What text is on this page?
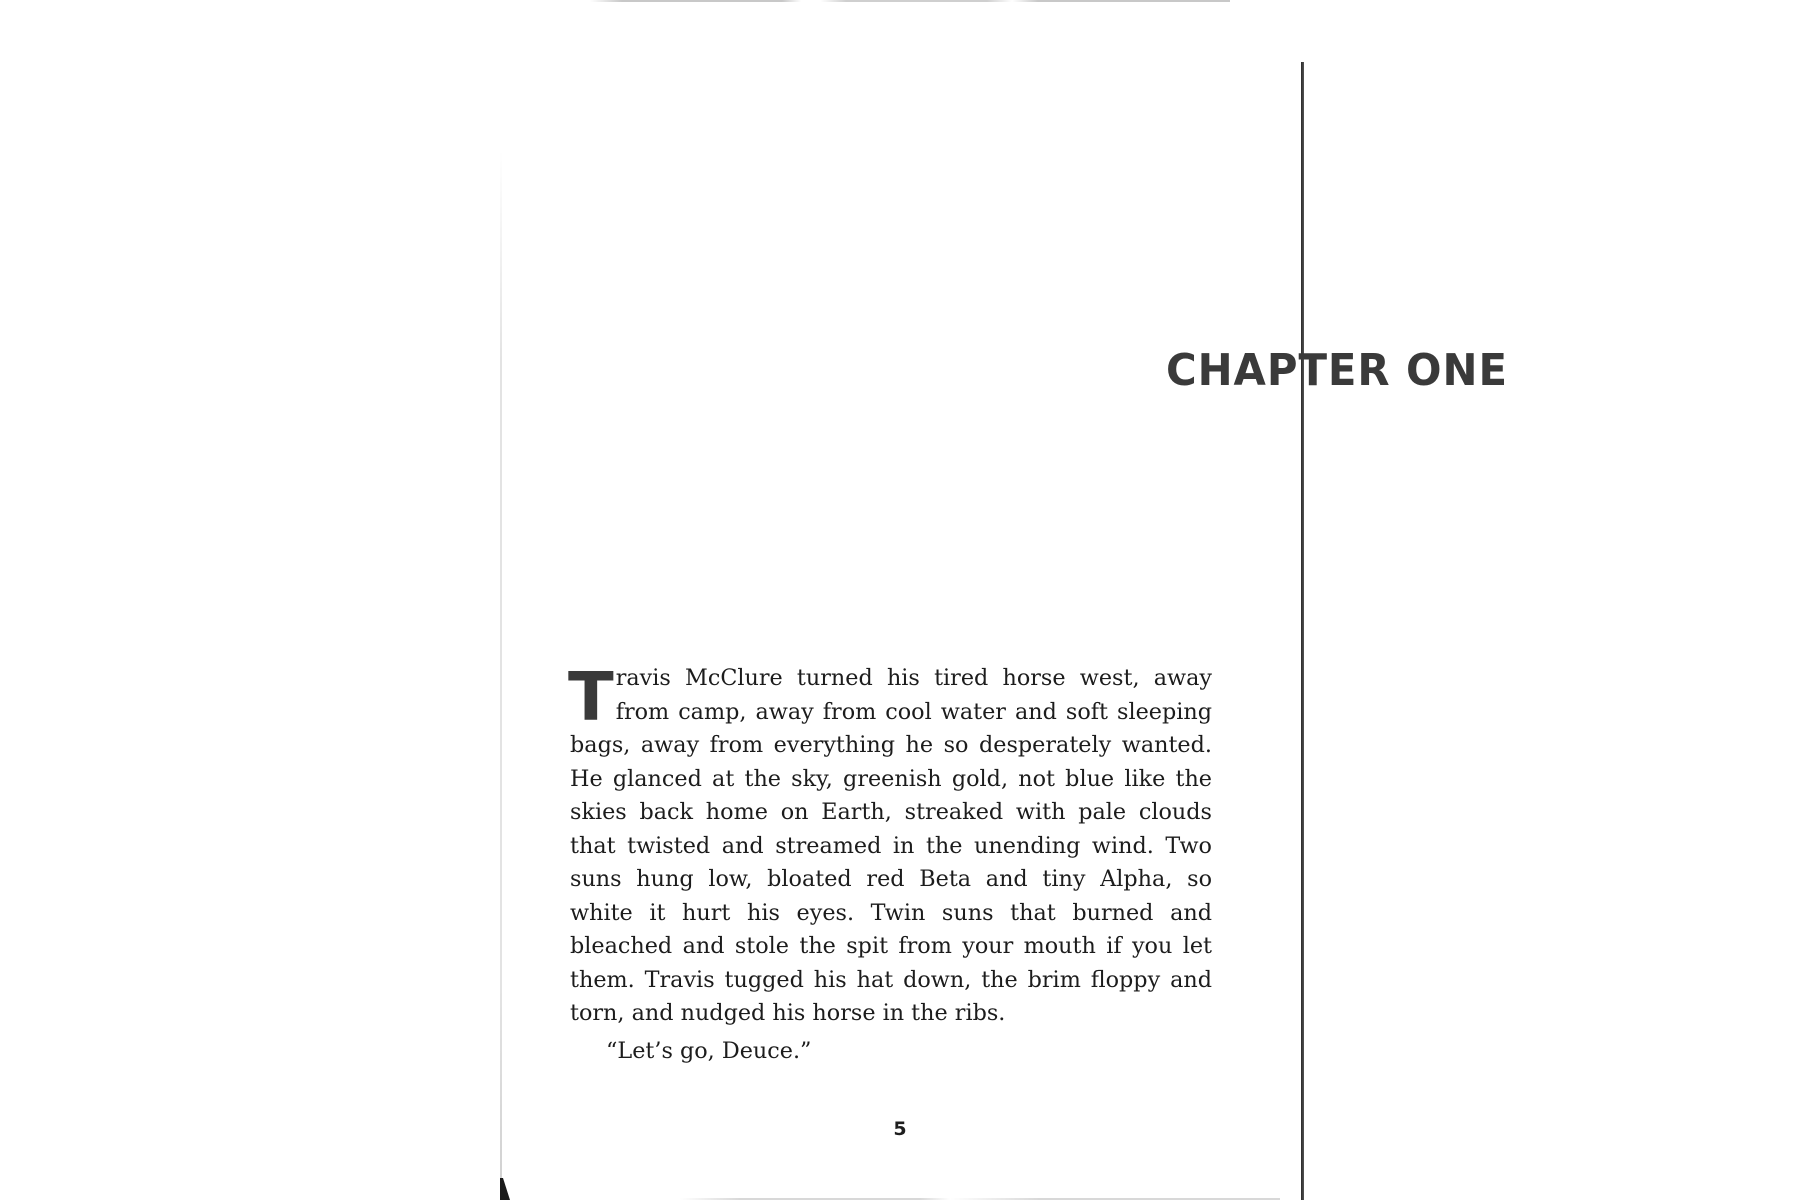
CHAPTER ONE

Travis McClure turned his tired horse west, away from camp, away from cool water and soft sleeping bags, away from everything he so desperately wanted. He glanced at the sky, greenish gold, not blue like the skies back home on Earth, streaked with pale clouds that twisted and streamed in the unending wind. Two suns hung low, bloated red Beta and tiny Alpha, so white it hurt his eyes. Twin suns that burned and bleached and stole the spit from your mouth if you let them. Travis tugged his hat down, the brim floppy and torn, and nudged his horse in the ribs.

“Let’s go, Deuce.”

5
